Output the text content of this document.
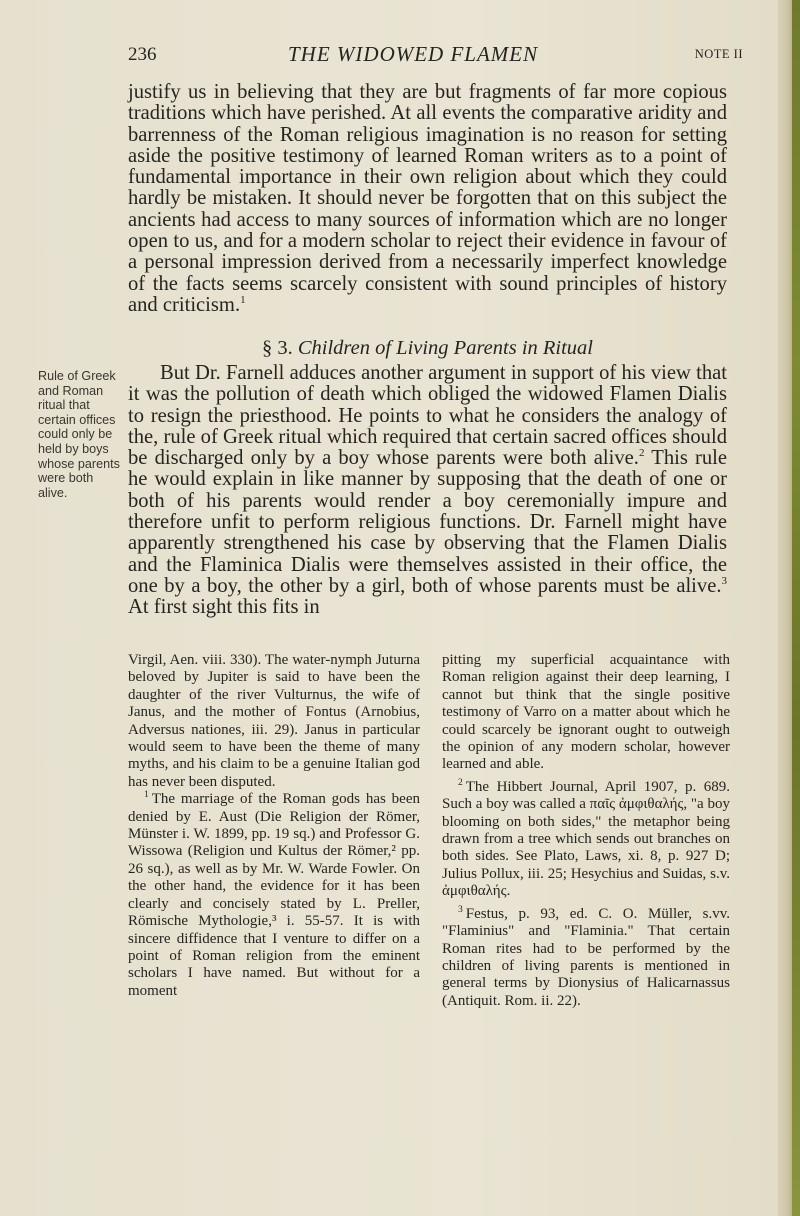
236	THE WIDOWED FLAMEN	NOTE II

justify us in believing that they are but fragments of far more copious traditions which have perished. At all events the comparative aridity and barrenness of the Roman religious imagination is no reason for setting aside the positive testimony of learned Roman writers as to a point of fundamental importance in their own religion about which they could hardly be mistaken. It should never be forgotten that on this subject the ancients had access to many sources of information which are no longer open to us, and for a modern scholar to reject their evidence in favour of a personal impression derived from a necessarily imperfect knowledge of the facts seems scarcely consistent with sound principles of history and criticism.$^1$

§ 3. Children of Living Parents in Ritual

Rule of Greek and Roman ritual that certain offices could only be held by boys whose parents were both alive.

But Dr. Farnell adduces another argument in support of his view that it was the pollution of death which obliged the widowed Flamen Dialis to resign the priesthood. He points to what he considers the analogy of the, rule of Greek ritual which required that certain sacred offices should be discharged only by a boy whose parents were both alive.$^2$ This rule he would explain in like manner by supposing that the death of one or both of his parents would render a boy ceremonially impure and therefore unfit to perform religious functions. Dr. Farnell might have apparently strengthened his case by observing that the Flamen Dialis and the Flaminica Dialis were themselves assisted in their office, the one by a boy, the other by a girl, both of whose parents must be alive.$^3$ At first sight this fits in

Virgil, Aen. viii. 330). The water-nymph Juturna beloved by Jupiter is said to have been the daughter of the river Vulturnus, the wife of Janus, and the mother of Fontus (Arnobius, Adversus nationes, iii. 29). Janus in particular would seem to have been the theme of many myths, and his claim to be a genuine Italian god has never been disputed.

$^1$ The marriage of the Roman gods has been denied by E. Aust (Die Religion der Römer, Münster i. W. 1899, pp. 19 sq.) and Professor G. Wissowa (Religion und Kultus der Römer,² pp. 26 sq.), as well as by Mr. W. Warde Fowler. On the other hand, the evidence for it has been clearly and concisely stated by L. Preller, Römische Mythologie,³ i. 55-57. It is with sincere diffidence that I venture to differ on a point of Roman religion from the eminent scholars I have named. But without for a moment

pitting my superficial acquaintance with Roman religion against their deep learning, I cannot but think that the single positive testimony of Varro on a matter about which he could scarcely be ignorant ought to outweigh the opinion of any modern scholar, however learned and able.

$^2$ The Hibbert Journal, April 1907, p. 689. Such a boy was called a παῖς ἀμφιθαλής, "a boy blooming on both sides," the metaphor being drawn from a tree which sends out branches on both sides. See Plato, Laws, xi. 8, p. 927 D; Julius Pollux, iii. 25; Hesychius and Suidas, s.v. ἀμφιθαλής.

$^3$ Festus, p. 93, ed. C. O. Müller, s.vv. "Flaminius" and "Flaminia." That certain Roman rites had to be performed by the children of living parents is mentioned in general terms by Dionysius of Halicarnassus (Antiquit. Rom. ii. 22).
